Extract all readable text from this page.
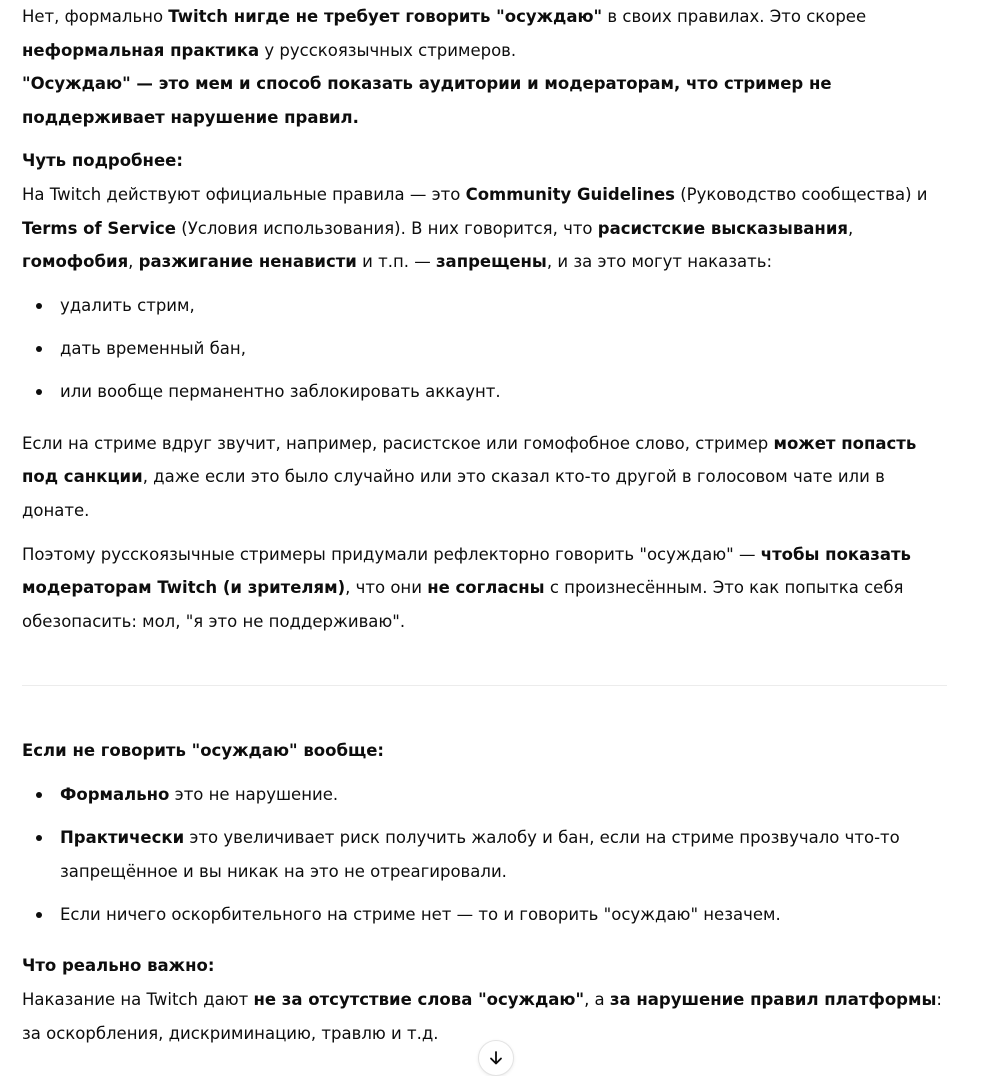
Нет, формально Twitch нигде не требует говорить "осуждаю" в своих правилах. Это скорее неформальная практика у русскоязычных стримеров.

"Осуждаю" — это мем и способ показать аудитории и модераторам, что стример не поддерживает нарушение правил.

Чуть подробнее:

На Twitch действуют официальные правила — это Community Guidelines (Руководство сообщества) и Terms of Service (Условия использования). В них говорится, что расистские высказывания, гомофобия, разжигание ненависти и т.п. — запрещены, и за это могут наказать:

удалить стрим,
дать временный бан,
или вообще перманентно заблокировать аккаунт.

Если на стриме вдруг звучит, например, расистское или гомофобное слово, стример может попасть под санкции, даже если это было случайно или это сказал кто-то другой в голосовом чате или в донате.

Поэтому русскоязычные стримеры придумали рефлекторно говорить "осуждаю" — чтобы показать модераторам Twitch (и зрителям), что они не согласны с произнесённым. Это как попытка себя обезопасить: мол, "я это не поддерживаю".

Если не говорить "осуждаю" вообще:

Формально это не нарушение.
Практически это увеличивает риск получить жалобу и бан, если на стриме прозвучало что-то запрещённое и вы никак на это не отреагировали.
Если ничего оскорбительного на стриме нет — то и говорить "осуждаю" незачем.

Что реально важно:

Наказание на Twitch дают не за отсутствие слова "осуждаю", а за нарушение правил платформы: за оскорбления, дискриминацию, травлю и т.д.
